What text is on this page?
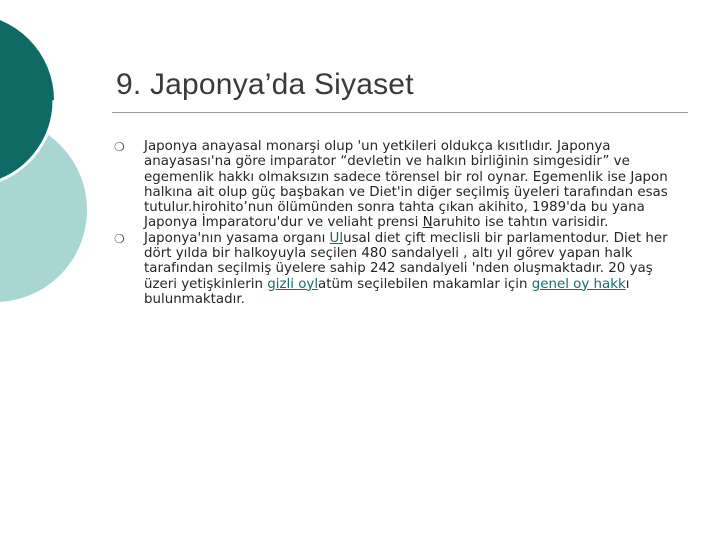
9. Japonya’da Siyaset
❍ Japonya anayasal monarşi olup 'un yetkileri oldukça kısıtlıdır. Japonya anayasası'na göre imparator “devletin ve halkın birliğinin simgesidir” ve egemenlik hakkı olmaksızın sadece törensel bir rol oynar. Egemenlik ise Japon halkına ait olup güç başbakan ve Diet'in diğer seçilmiş üyeleri tarafından esas tutulur.hirohito’nun ölümünden sonra tahta çıkan akihito, 1989'da bu yana Japonya İmparatoru'dur ve veliaht prensi Naruhito ise tahtın varisidir.
❍ Japonya'nın yasama organı Ulusal diet çift meclisli bir parlamentodur. Diet her dört yılda bir halkoyuyla seçilen 480 sandalyeli , altı yıl görev yapan halk tarafından seçilmiş üyelere sahip 242 sandalyeli 'nden oluşmaktadır. 20 yaş üzeri yetişkinlerin gizli oylatüm seçilebilen makamlar için genel oy hakkı bulunmaktadır.
